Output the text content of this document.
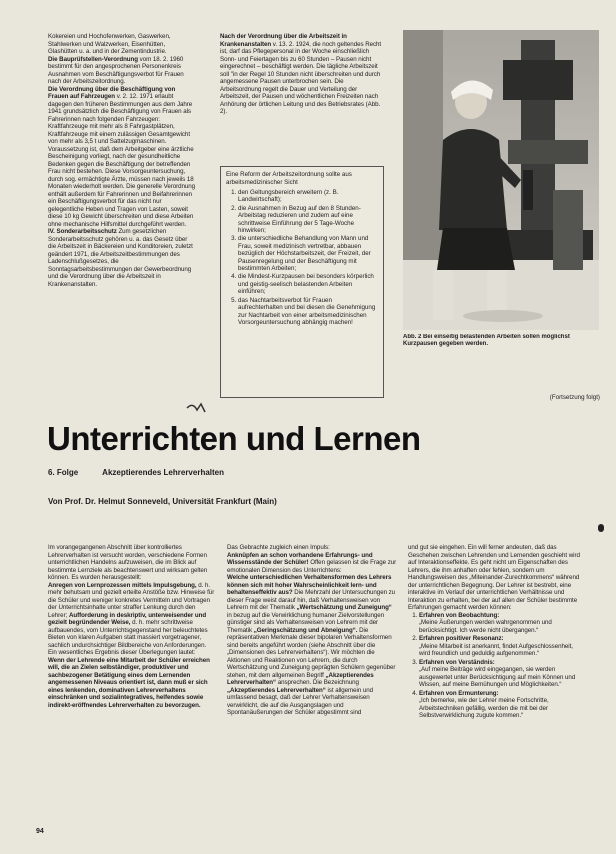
Kokereien und Hochofenwerken, Gaswerken, Stahlwerken und Walzwerken, Eisenhütten, Glashütten u. a. und in der Zementindustrie.
Die Bauprüfstellen-Verordnung vom 18. 2. 1960 bestimmt für den angesprochenen Personenkreis Ausnahmen vom Beschäftigungsverbot für Frauen nach der Arbeitszeitordnung.
Die Verordnung über die Beschäftigung von Frauen auf Fahrzeugen v. 2. 12. 1971 erlaubt dagegen den früheren Bestimmungen aus dem Jahre 1941 grundsätzlich die Beschäftigung von Frauen als Fahrerinnen nach folgenden Fahrzeugen: Kraftfahrzeuge mit mehr als 8 Fahrgastplätzen, Kraftfahrzeuge mit einem zulässigen Gesamtgewicht von mehr als 3,5 t und Sattelzugmaschinen. Voraussetzung ist, daß dem Arbeitgeber eine ärztliche Bescheinigung vorliegt, nach der gesundheitliche Bedenken gegen die Beschäftigung der betreffenden Frau nicht bestehen. Diese Vorsorgeuntersuchung, durch sog. ermächtigte Ärzte, müssen nach jeweils 18 Monaten wiederholt werden. Die generelle Verordnung enthält außerdem für Fahrerinnen und Beifahrerinnen ein Beschäftigungsverbot für das nicht nur gelegentliche Heben und Tragen von Lasten, soweit diese 10 kg Gewicht überschreiten und diese Arbeiten ohne mechanische Hilfsmittel durchgeführt werden.
IV. Sonderarbeitsschutz Zum gesetzlichen Sonderarbeitsschutz gehören u. a. das Gesetz über die Arbeitszeit in Bäckereien und Konditoreien, zuletzt geändert 1971, die Arbeitszeitbestimmungen des Ladenschlußgesetzes, die Sonntagsarbeitsbestimmungen der Gewerbeordnung und die Verordnung über die Arbeitszeit in Krankenanstalten.
Nach der Verordnung über die Arbeitszeit in Krankenanstalten v. 13. 2. 1924, die noch geltendes Recht ist, darf das Pflegepersonal in der Woche einschließlich Sonn- und Feiertagen bis zu 60 Stunden – Pausen nicht eingerechnet – beschäftigt werden. Die tägliche Arbeitszeit soll "in der Regel 10 Stunden nicht überschreiten und durch angemessene Pausen unterbrochen sein. Die Arbeitsordnung regelt die Dauer und Verteilung der Arbeitszeit, der Pausen und wöchentlichen Freizeiten nach Anhörung der örtlichen Leitung und des Betriebsrates (Abb. 2).
Eine Reform der Arbeitszeitordnung sollte aus arbeitsmedizinischer Sicht
1. den Geltungsbereich erweitern (z. B. Landwirtschaft);
2. die Ausnahmen in Bezug auf den 8 Stunden-Arbeitstag reduzieren und zudem auf eine schrittweise Einführung der 5 Tage-Woche hinwirken;
3. die unterschiedliche Behandlung von Mann und Frau, soweit medizinisch vertretbar, abbauen bezüglich der Höchstarbeitszeit, der Freizeit, der Pausenregelung und der Beschäftigung mit bestimmten Arbeiten;
4. die Mindest-Kurzpausen bei besonders körperlich und geistig-seelisch belastenden Arbeiten einführen;
5. das Nachtarbeitsverbot für Frauen aufrechterhalten und bei diesen die Genehmigung zur Nachtarbeit von einer arbeitsmedizinischen Vorsorgeuntersuchung abhängig machen!
Abb. 2 Bei einseitig belastenden Arbeiten sollen möglichst Kurzpausen gegeben werden.
(Fortsetzung folgt)
Unterrichten und Lernen
6. Folge	Akzeptierendes Lehrerverhalten
Von Prof. Dr. Helmut Sonneveld, Universität Frankfurt (Main)
Im vorangegangenen Abschnitt über kontrolliertes Lehrerverhalten ist versucht worden, verschiedene Formen unterrichtlichen Handelns aufzuweisen, die im Blick auf bestimmte Lernziele als beachtenswert und wirksam gelten können. Es wurden herausgestellt:
Anregen von Lernprozessen mittels Impulsgebung, d. h. mehr behutsam und gezielt erteilte Anstöße bzw. Hinweise für die Schüler und weniger konkretes Vermitteln und Vortragen der Unterrichtsinhalte unter straffer Lenkung durch den Lehrer; Aufforderung in deskriptiv, unterweisender und gezielt begründender Weise, d. h. mehr schrittweise aufbauendes, vom Unterrichtsgegenstand her beleuchtetes Bieten von klaren Aufgaben statt massiert vorgetragener, sachlich undurchsichtiger Bildbereiche von Anforderungen. Ein wesentliches Ergebnis dieser Überlegungen lautet:
Wenn der Lehrende eine Mitarbeit der Schüler erreichen will, die an Zielen selbständiger, produktiver und sachbezogener Betätigung eines dem Lernenden angemessenen Niveaus orientiert ist, dann muß er sich eines lenkenden, dominativen Lehrerverhaltens einschränken und sozialintegratives, helfendes sowie indirekt-eröffnendes Lehrerverhalten zu bevorzugen.
Das Gebrachte zugleich einen Impuls:
Anknüpfen an schon vorhandene Erfahrungs- und Wissensstände der Schüler! Offen gelassen ist die Frage zur emotionalen Dimension des Unterrichtens:
Welche unterschiedlichen Verhaltensformen des Lehrers können sich mit hoher Wahrscheinlichkeit lern- und behaltenseffektiv aus? Die Mehrzahl der Untersuchungen zu dieser Frage weist darauf hin, daß Verhaltensweisen von Lehrern mit der Thematik „Wertschätzung und Zuneigung“ in bezug auf die Verwirklichung humaner Zielvorstellungen günstiger sind als Verhaltensweisen von Lehrern mit der Thematik „Geringschätzung und Abneigung“. Die repräsentativen Merkmale dieser bipolaren Verhaltensformen sind bereits angeführt worden (siehe Abschnitt über die „Dimensionen des Lehrerverhaltens“). Wir möchten die Aktionen und Reaktionen von Lehrern, die durch Wertschätzung und Zuneigung geprägten Schülern gegenüber stehen, mit dem allgemeinen Begriff „Akzeptierendes Lehrerverhalten“ ansprechen. Die Bezeichnung „Akzeptierendes Lehrerverhalten“ ist allgemein und umfassend besagt, daß der Lehrer Verhaltensweisen verwirklicht, die auf die Ausgangslagen und Spontanäußerungen der Schüler abgestimmt sind

und gut sie eingehen. Ein will ferner andeuten, daß das Geschehen zwischen Lehrenden und Lernenden geschieht wird auf Interaktionseffekte. Es geht nicht um Eigenschaften des Lehrers, die ihm anhaften oder fehlen, sondern um Handlungsweisen des „Miteinander-Zurechtkommens“ während der unterrichtlichen Begegnung. Der Lehrer ist bestrebt, eine interaktive im Verlauf der unterrichtlichen Verhältnisse und Interaktion zu erhalten, bei der auf allen der Schüler bestimmte Erfahrungen gemacht werden können:

1. Erfahren von Beobachtung:
„Meine Äußerungen werden wahrgenommen und berücksichtigt. Ich werde nicht übergangen.“
2. Erfahren positiver Resonanz:
„Meine Mitarbeit ist anerkannt, findet Aufgeschlossenheit, wird freundlich und geduldig aufgenommen.“
3. Erfahren von Verständnis:
„Auf meine Beiträge wird eingegangen, sie werden ausgewertet unter Berücksichtigung auf mein Können und Wissen, auf meine Bemühungen und Möglichkeiten.“
4. Erfahren von Ermunterung:
„Ich bemerke, wie der Lehrer meine Fortschritte, Arbeitstechniken gefällig, werden die mit bei der Selbstverwirklichung zugute kommen.“
94
